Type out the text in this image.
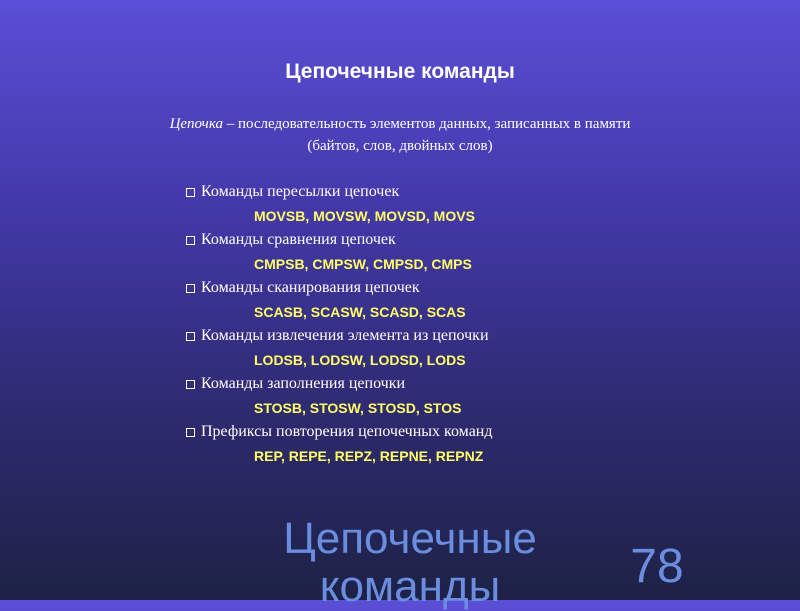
Цепочечные команды
Цепочка – последовательность элементов данных, записанных в памяти
(байтов, слов, двойных слов)
Команды пересылки цепочек
MOVSB, MOVSW, MOVSD, MOVS
Команды сравнения цепочек
CMPSB, CMPSW, CMPSD, CMPS
Команды сканирования цепочек
SCASB, SCASW, SCASD, SCAS
Команды извлечения элемента из цепочки
LODSB, LODSW, LODSD, LODS
Команды заполнения цепочки
STOSB, STOSW, STOSD, STOS
Префиксы повторения цепочечных команд
REP, REPE, REPZ, REPNE, REPNZ
Цепочечные команды	78
